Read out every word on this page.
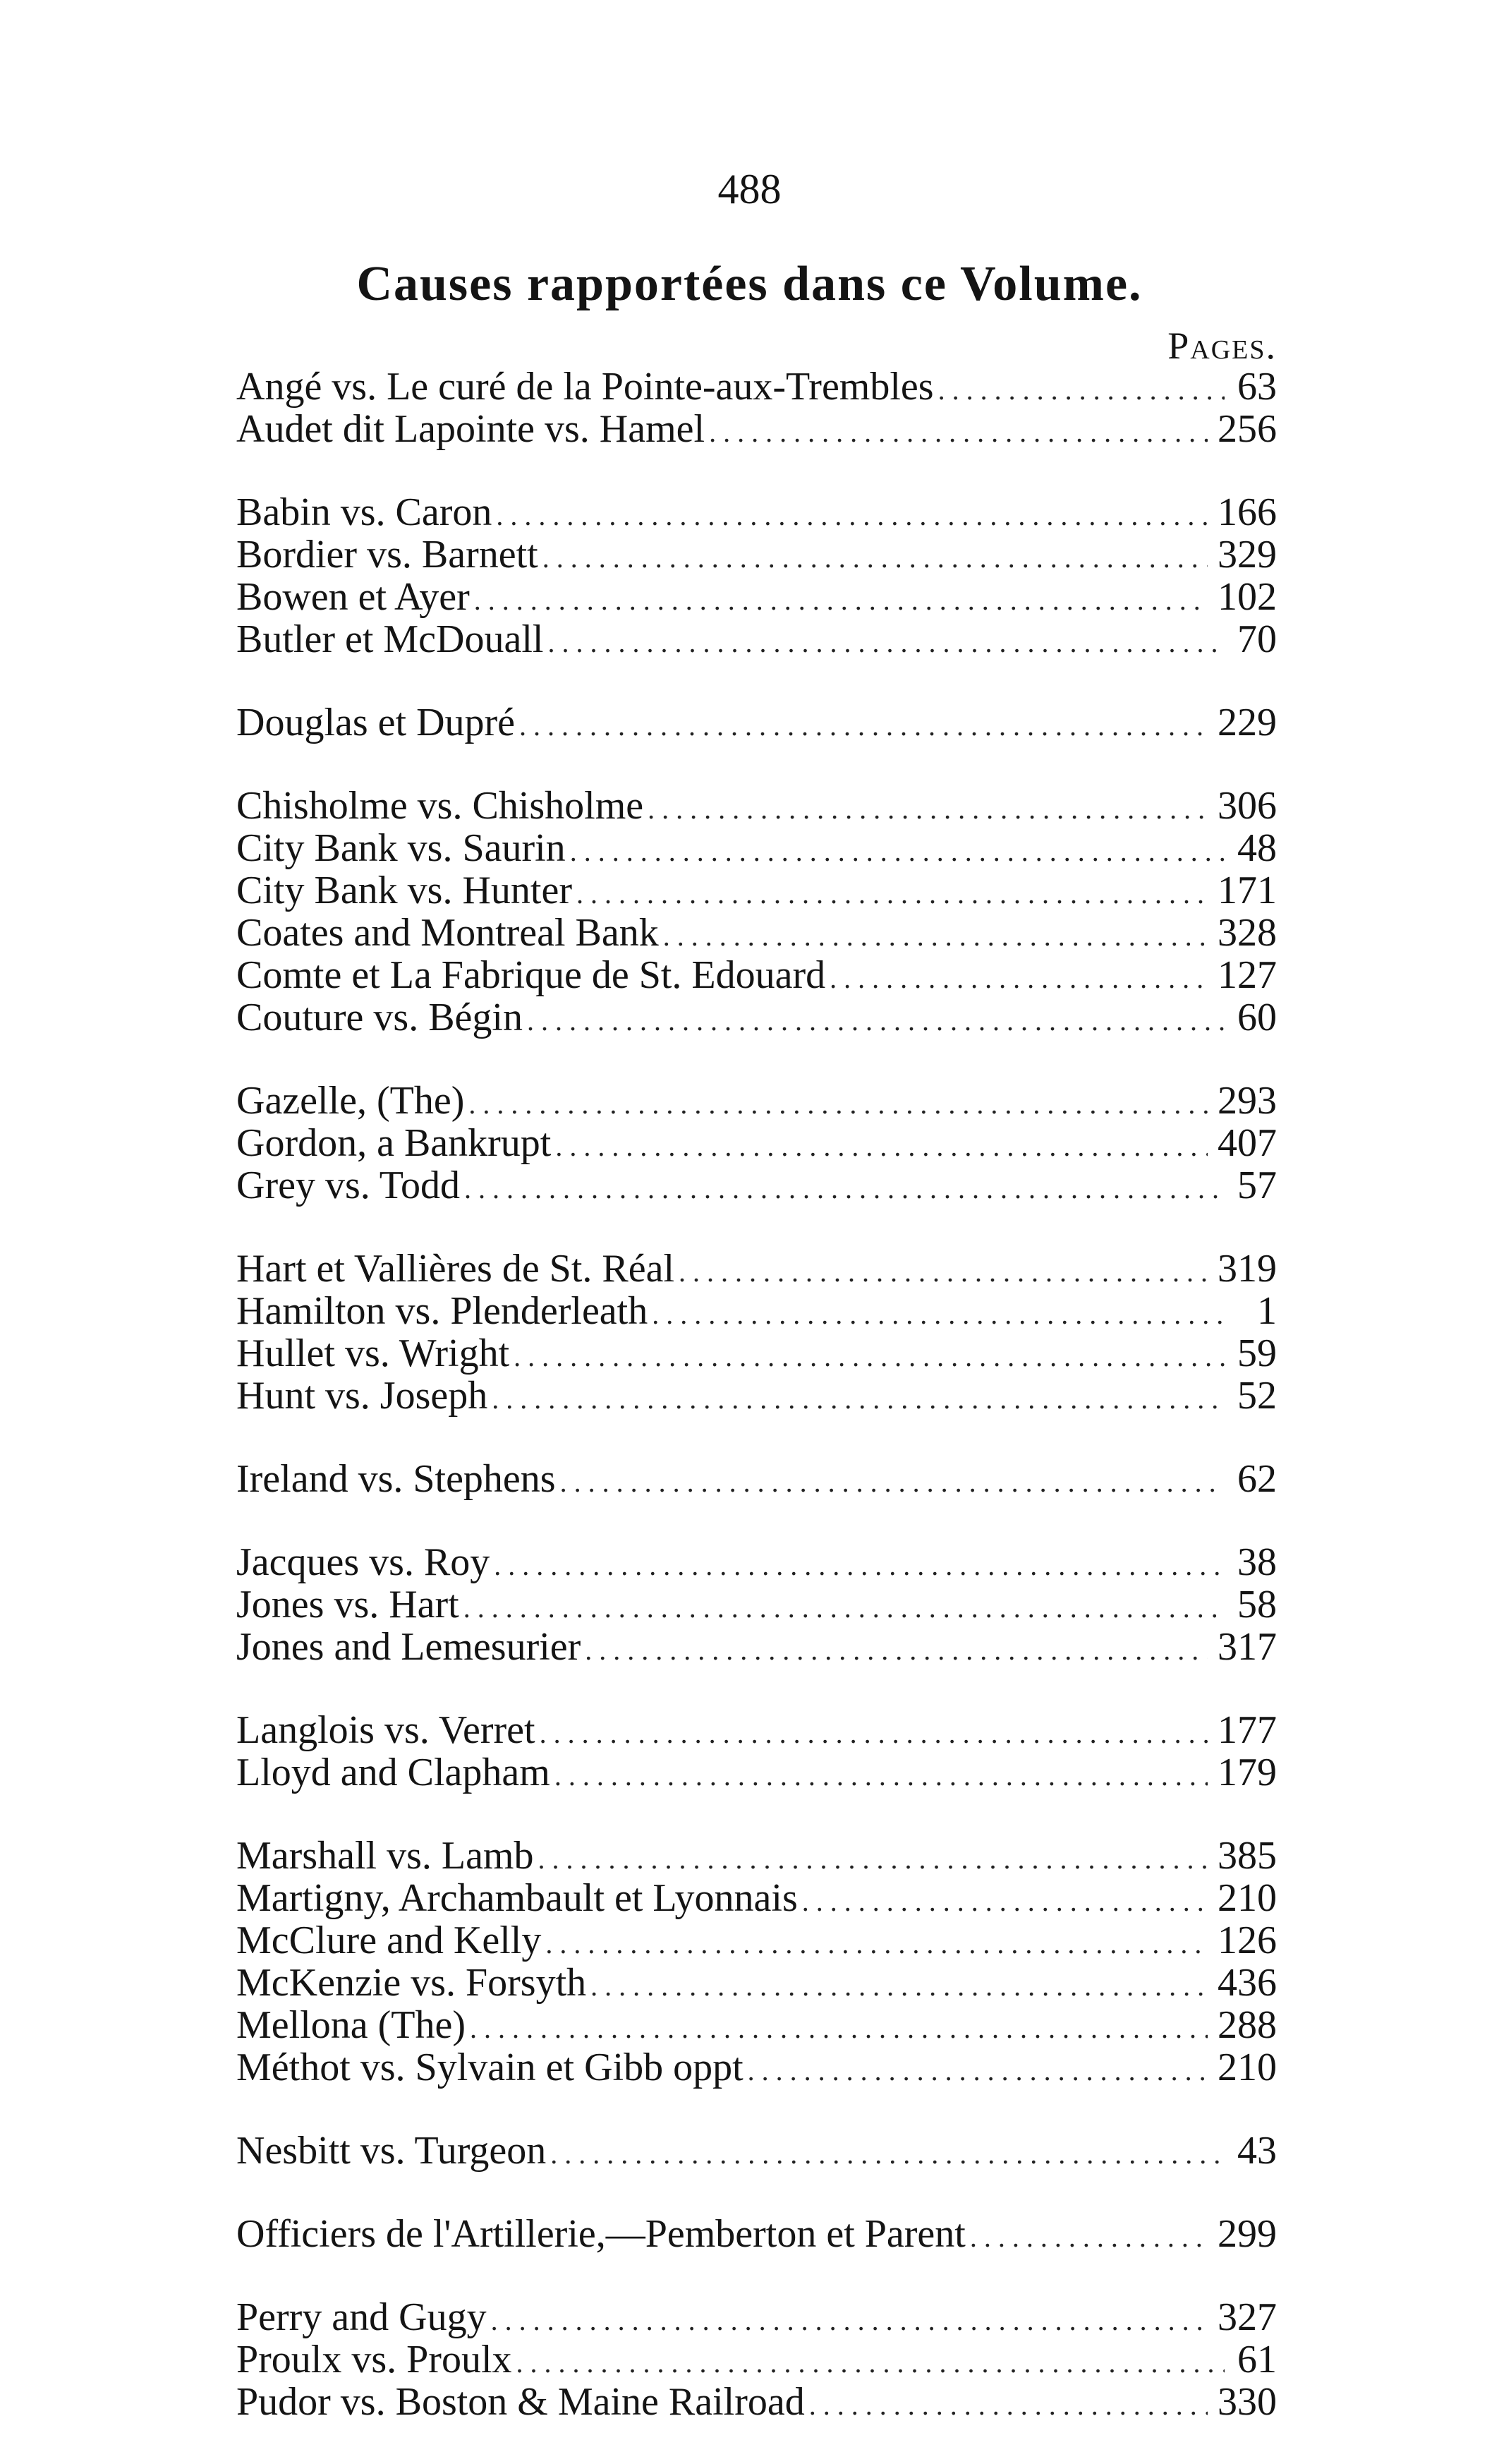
488
Causes rapportées dans ce Volume.
Pages.
Angé vs. Le curé de la Pointe-aux-Trembles . . .	63
Audet dit Lapointe vs. Hamel . . .	256
Babin vs. Caron . . .	166
Bordier vs. Barnett . . .	329
Bowen et Ayer . . .	102
Butler et McDouall . . .	70
Douglas et Dupré . . .	229
Chisholme vs. Chisholme . . .	306
City Bank vs. Saurin . . .	48
City Bank vs. Hunter . . .	171
Coates and Montreal Bank . . .	328
Comte et La Fabrique de St. Edouard . . .	127
Couture vs. Bégin . . .	60
Gazelle, (The) . . .	293
Gordon, a Bankrupt . . .	407
Grey vs. Todd . . .	57
Hart et Vallières de St. Réal . . .	319
Hamilton vs. Plenderleath . . .	1
Hullet vs. Wright . . .	59
Hunt vs. Joseph . . .	52
Ireland vs. Stephens . . .	62
Jacques vs. Roy . . .	38
Jones vs. Hart . . .	58
Jones and Lemesurier . . .	317
Langlois vs. Verret . . .	177
Lloyd and Clapham . . .	179
Marshall vs. Lamb . . .	385
Martigny, Archambault et Lyonnais . . .	210
McClure and Kelly . . .	126
McKenzie vs. Forsyth . . .	436
Mellona (The) . . .	288
Méthot vs. Sylvain et Gibb oppt . . .	210
Nesbitt vs. Turgeon . . .	43
Officiers de l'Artillerie,—Pemberton et Parent . . .	299
Perry and Gugy . . .	327
Proulx vs. Proulx . . .	61
Pudor vs. Boston & Maine Railroad . . .	330
